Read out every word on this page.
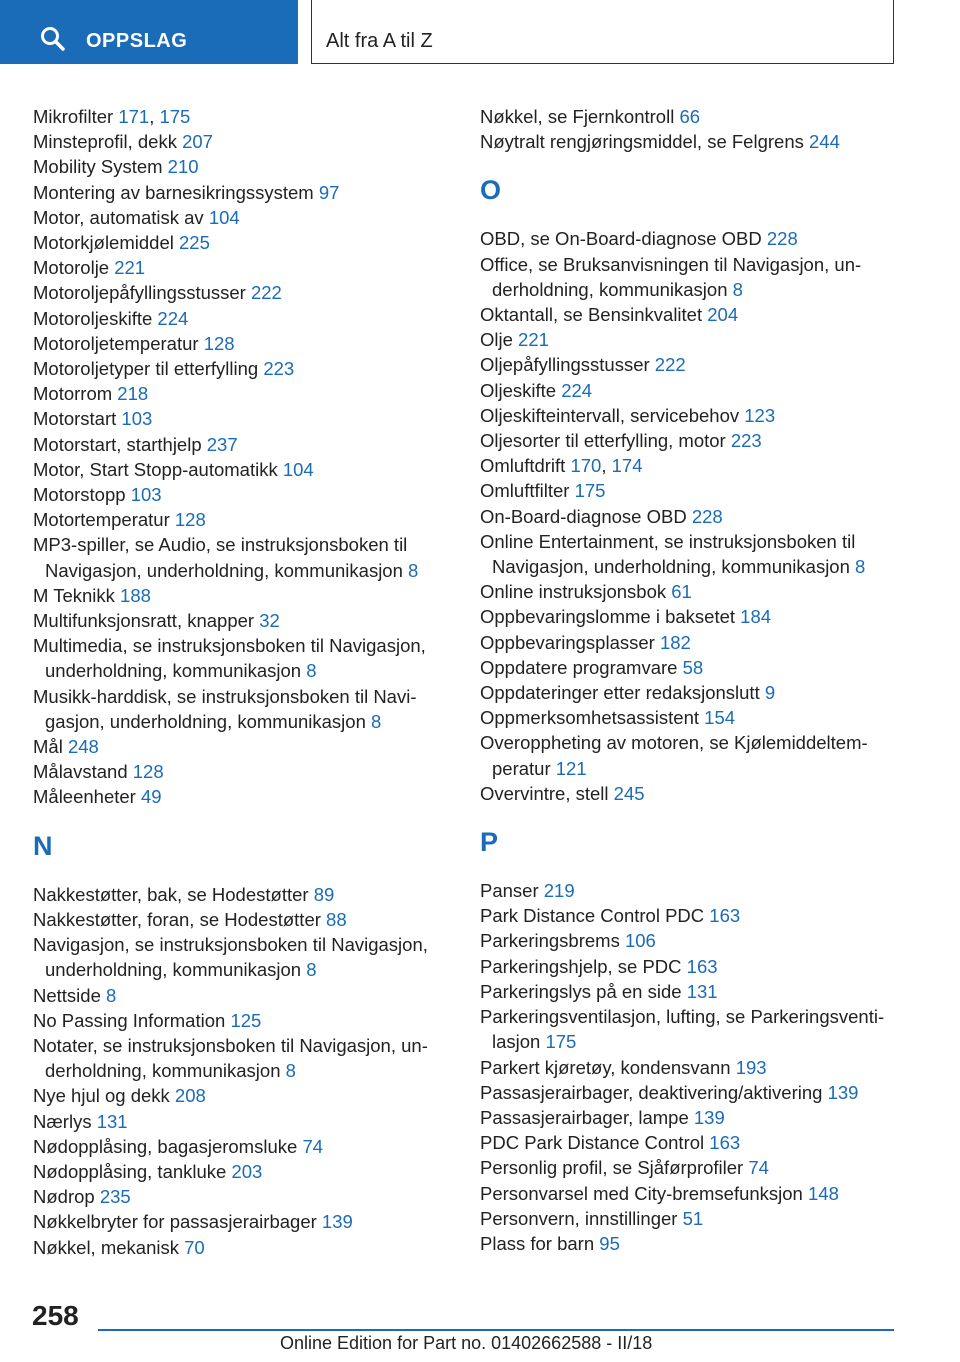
OPPSLAG	Alt fra A til Z
Mikrofilter 171, 175
Minsteprofil, dekk 207
Mobility System 210
Montering av barnesikringssystem 97
Motor, automatisk av 104
Motorkjølemiddel 225
Motorolje 221
Motoroljepåfyllingsstusser 222
Motoroljeskifte 224
Motoroljetemperatur 128
Motoroljetyper til etterfylling 223
Motorrom 218
Motorstart 103
Motorstart, starthjelp 237
Motor, Start Stopp-automatikk 104
Motorstopp 103
Motortemperatur 128
MP3-spiller, se Audio, se instruksjonsboken til Navigasjon, underholdning, kommunikasjon 8
M Teknikk 188
Multifunksjonsratt, knapper 32
Multimedia, se instruksjonsboken til Navigasjon, underholdning, kommunikasjon 8
Musikk-harddisk, se instruksjonsboken til Navi-gasjon, underholdning, kommunikasjon 8
Mål 248
Målavstand 128
Måleenheter 49
N
Nakkestøtter, bak, se Hodestøtter 89
Nakkestøtter, foran, se Hodestøtter 88
Navigasjon, se instruksjonsboken til Navigasjon, underholdning, kommunikasjon 8
Nettside 8
No Passing Information 125
Notater, se instruksjonsboken til Navigasjon, un-derholdning, kommunikasjon 8
Nye hjul og dekk 208
Nærlys 131
Nødopplåsing, bagasjeromsluke 74
Nødopplåsing, tankluke 203
Nødrop 235
Nøkkelbryter for passasjerairbager 139
Nøkkel, mekanisk 70
Nøkkel, se Fjernkontroll 66
Nøytralt rengjøringsmiddel, se Felgrens 244
O
OBD, se On-Board-diagnose OBD 228
Office, se Bruksanvisningen til Navigasjon, un-derholdning, kommunikasjon 8
Oktantall, se Bensinkvalitet 204
Olje 221
Oljepåfyllingsstusser 222
Oljeskifte 224
Oljeskifteintervall, servicebehov 123
Oljesorter til etterfylling, motor 223
Omluftdrift 170, 174
Omluftfilter 175
On-Board-diagnose OBD 228
Online Entertainment, se instruksjonsboken til Navigasjon, underholdning, kommunikasjon 8
Online instruksjonsbok 61
Oppbevaringslomme i baksetet 184
Oppbevaringsplasser 182
Oppdatere programvare 58
Oppdateringer etter redaksjonslutt 9
Oppmerksomhetsassistent 154
Overoppheting av motoren, se Kjølemiddeltem-peratur 121
Overvintre, stell 245
P
Panser 219
Park Distance Control PDC 163
Parkeringsbrems 106
Parkeringshjelp, se PDC 163
Parkeringslys på en side 131
Parkeringsventilasjon, lufting, se Parkeringsventi-lasjon 175
Parkert kjøretøy, kondensvann 193
Passasjerairbager, deaktivering/aktivering 139
Passasjerairbager, lampe 139
PDC Park Distance Control 163
Personlig profil, se Sjåførprofiler 74
Personvarsel med City-bremsefunksjon 148
Personvern, innstillinger 51
Plass for barn 95
258
Online Edition for Part no. 01402662588 - II/18
